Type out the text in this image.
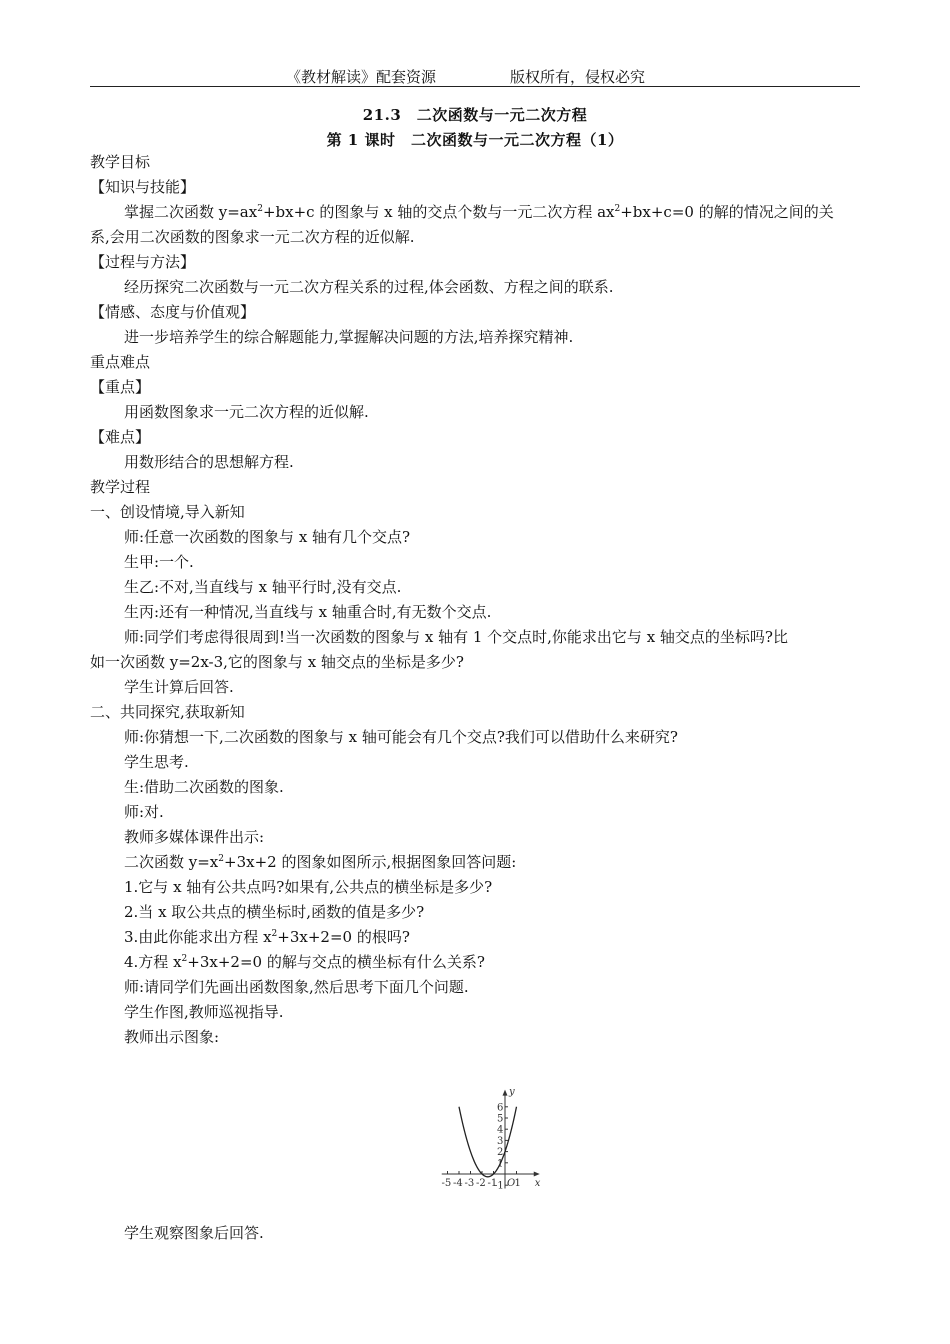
《教材解读》配套资源	版权所有，侵权必究
21.3　二次函数与一元二次方程
第 1 课时　二次函数与一元二次方程（1）
教学目标
【知识与技能】
掌握二次函数 $y=ax^2+bx+c$ 的图象与 x 轴的交点个数与一元二次方程 $ax^2+bx+c=0$ 的解的情况之间的关
系,会用二次函数的图象求一元二次方程的近似解.
【过程与方法】
经历探究二次函数与一元二次方程关系的过程,体会函数、方程之间的联系.
【情感、态度与价值观】
进一步培养学生的综合解题能力,掌握解决问题的方法,培养探究精神.
重点难点
【重点】
用函数图象求一元二次方程的近似解.
【难点】
用数形结合的思想解方程.
教学过程
一、创设情境,导入新知
师:任意一次函数的图象与 x 轴有几个交点?
生甲:一个.
生乙:不对,当直线与 x 轴平行时,没有交点.
生丙:还有一种情况,当直线与 x 轴重合时,有无数个交点.
师:同学们考虑得很周到!当一次函数的图象与 x 轴有 1 个交点时,你能求出它与 x 轴交点的坐标吗?比
如一次函数 y=2x-3,它的图象与 x 轴交点的坐标是多少?
学生计算后回答.
二、共同探究,获取新知
师:你猜想一下,二次函数的图象与 x 轴可能会有几个交点?我们可以借助什么来研究?
学生思考.
生:借助二次函数的图象.
师:对.
教师多媒体课件出示:
二次函数 $y=x^2+3x+2$ 的图象如图所示,根据图象回答问题:
1.它与 x 轴有公共点吗?如果有,公共点的横坐标是多少?
2.当 x 取公共点的横坐标时,函数的值是多少?
3.由此你能求出方程 $x^2+3x+2=0$ 的根吗?
4.方程 $x^2+3x+2=0$ 的解与交点的横坐标有什么关系?
师:请同学们先画出函数图象,然后思考下面几个问题.
学生作图,教师巡视指导.
教师出示图象:
x
y
O
-5 -4 -3 -2 -1 1
6
5
4
3
2
1
-1
学生观察图象后回答.
